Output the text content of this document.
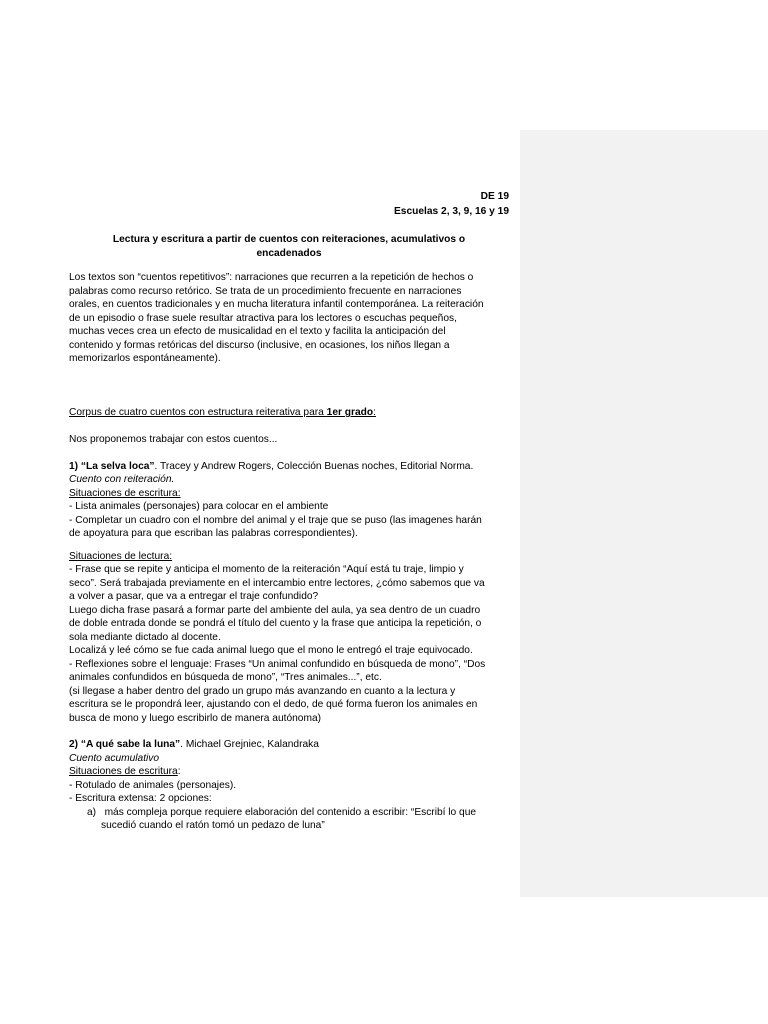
DE 19
Escuelas 2, 3, 9, 16 y 19
Lectura y escritura a partir de cuentos con reiteraciones, acumulativos o
encadenados
Los textos son “cuentos repetitivos”: narraciones que recurren a la repetición de hechos o
palabras como recurso retórico. Se trata de un procedimiento frecuente en narraciones
orales, en cuentos tradicionales y en mucha literatura infantil contemporánea. La reiteración
de un episodio o frase suele resultar atractiva para los lectores o escuchas pequeños,
muchas veces crea un efecto de musicalidad en el texto y facilita la anticipación del
contenido y formas retóricas del discurso (inclusive, en ocasiones, los niños llegan a
memorizarlos espontáneamente).
Corpus de cuatro cuentos con estructura reiterativa para 1er grado:
Nos proponemos trabajar con estos cuentos...
1) “La selva loca”. Tracey y Andrew Rogers, Colección Buenas noches, Editorial Norma.
Cuento con reiteración.
Situaciones de escritura:
- Lista animales (personajes) para colocar en el ambiente
- Completar un cuadro con el nombre del animal y el traje que se puso (las imagenes harán
de apoyatura para que escriban las palabras correspondientes).
Situaciones de lectura:
- Frase que se repite y anticipa el momento de la reiteración “Aquí está tu traje, limpio y
seco”. Será trabajada previamente en el intercambio entre lectores, ¿cómo sabemos que va
a volver a pasar, que va a entregar el traje confundido?
Luego dicha frase pasará a formar parte del ambiente del aula, ya sea dentro de un cuadro
de doble entrada donde se pondrá el título del cuento y la frase que anticipa la repetición, o
sola mediante dictado al docente.
Localizá y leé cómo se fue cada animal luego que el mono le entregó el traje equivocado.
- Reflexiones sobre el lenguaje: Frases “Un animal confundido en búsqueda de mono”, “Dos
animales confundidos en búsqueda de mono”, “Tres animales...”, etc.
(si llegase a haber dentro del grado un grupo más avanzando en cuanto a la lectura y
escritura se le propondrá leer, ajustando con el dedo, de qué forma fueron los animales en
busca de mono y luego escribirlo de manera autónoma)
2) “A qué sabe la luna”. Michael Grejniec, Kalandraka
Cuento acumulativo
Situaciones de escritura:
- Rotulado de animales (personajes).
- Escritura extensa: 2 opciones:
a) más compleja porque requiere elaboración del contenido a escribir: “Escribí lo que
sucedió cuando el ratón tomó un pedazo de luna”
